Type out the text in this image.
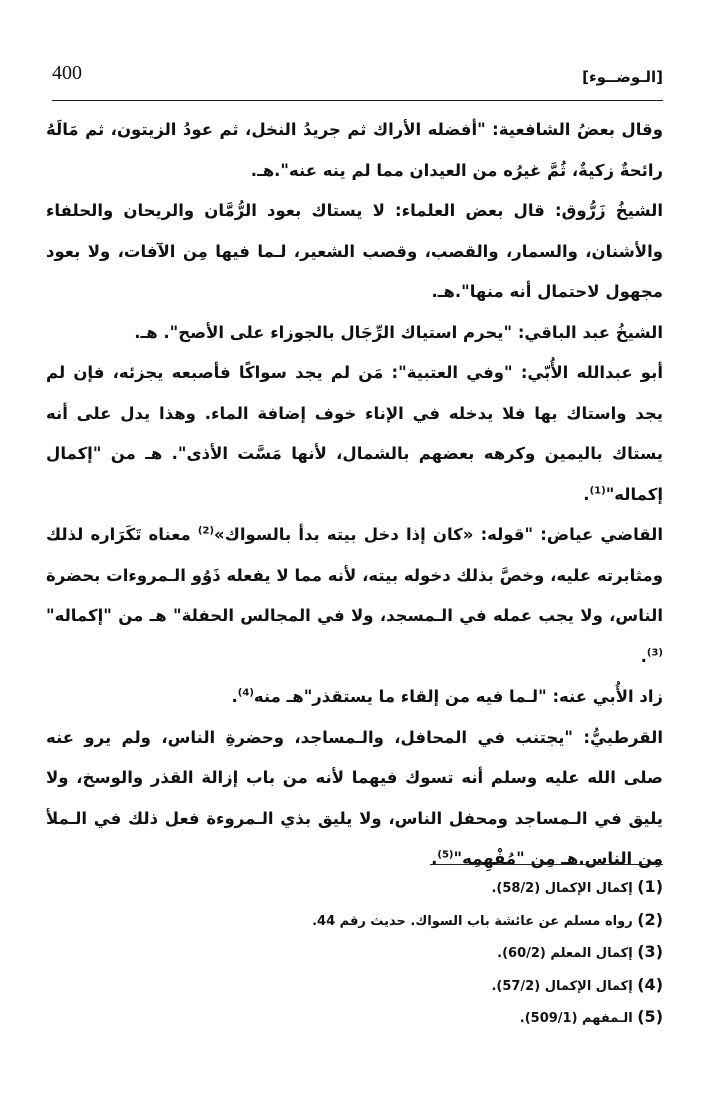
400	[الـوضــوء]

وقال بعضُ الشافعية: "أفضله الأراك ثم جريدُ النخل، ثم عودُ الزيتون، ثم مَالَهُ رائحةٌ زكيةٌ، ثُمَّ غيرُه من العيدان مما لم ينه عنه".هـ.

الشيخُ زَرُّوق: قال بعض العلماء: لا يستاك بعود الرُّمَّان والريحان والحلفاء والأشنان، والسمار، والقصب، وقصب الشعير، لـما فيها مِن الآفات، ولا بعود مجهول لاحتمال أنه منها".هـ.

الشيخُ عبد الباقي: "يحرم استياك الرِّجَال بالجوزاء على الأصح". هـ.

أبو عبدالله الأُبّي: "وفي العتبية": مَن لم يجد سواكًا فأصبعه يجزئه، فإن لم يجد واستاك بها فلا يدخله في الإناء خوف إضافة الماء. وهذا يدل على أنه يستاك باليمين وكرهه بعضهم بالشمال، لأنها مَسَّت الأذى". هـ من "إكمال إكماله"$^{(1)}$.

القاضي عياض: "قوله: «كان إذا دخل بيته بدأ بالسواك»$^{(2)}$ معناه تَكَرَاره لذلك ومثابرته عليه، وخصَّ بذلك دخوله بيته، لأنه مما لا يفعله ذَوُو الـمروءات بحضرة الناس، ولا يجب عمله في الـمسجد، ولا في المجالس الحفلة" هـ من "إكماله"$^{(3)}$.

زاد الأُبي عنه: "لـما فيه من إلقاء ما يستقذر"هـ منه$^{(4)}$.

القرطبيُّ: "يجتنب في المحافل، والـمساجد، وحضرةِ الناس، ولم يرو عنه صلى الله عليه وسلم أنه تسوك فيهما لأنه من باب إزالة القذر والوسخ، ولا يليق في الـمساجد ومحفل الناس، ولا يليق بذي الـمروءة فعل ذلك في الـملأ مِن الناس.هـ مِن "مُفْهِمِه"$^{(5)}$.

(1) إكمال الإكمال (58/2).

(2) رواه مسلم عن عائشة باب السواك. حديث رقم 44.

(3) إكمال المعلم (60/2).

(4) إكمال الإكمال (57/2).

(5) الـمفهم (509/1).
